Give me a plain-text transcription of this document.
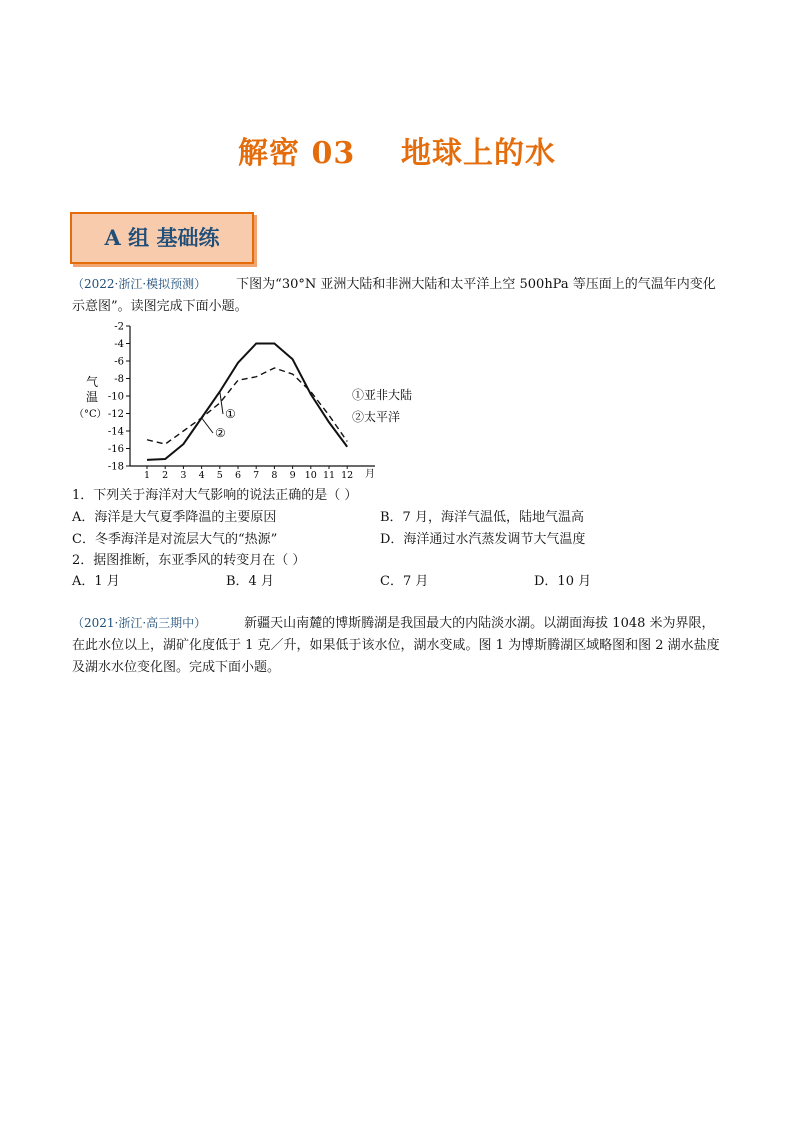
解密 03    地球上的水
A 组 基础练
（2022·浙江·模拟预测） 下图为“30°N 亚洲大陆和非洲大陆和太平洋上空 500hPa 等压面上的气温年内变化示意图”。读图完成下面小题。
-2
-4
-6
-8
-10
-12
-14
-16
-18
1 2 3 4 5 6 7 8 9 10 11 12
①
②
气
温
（°C）
月
①亚非大陆
②太平洋
1．下列关于海洋对大气影响的说法正确的是（ ）
A．海洋是大气夏季降温的主要原因	B．7 月，海洋气温低，陆地气温高
C．冬季海洋是对流层大气的“热源”	D．海洋通过水汽蒸发调节大气温度
2．据图推断，东亚季风的转变月在（ ）
A．1 月	B．4 月	C．7 月	D．10 月
（2021·浙江·高三期中）	新疆天山南麓的博斯腾湖是我国最大的内陆淡水湖。以湖面海拔 1048 米为界限，在此水位以上，湖矿化度低于 1 克／升，如果低于该水位，湖水变咸。图 1 为博斯腾湖区域略图和图 2 湖水盐度及湖水水位变化图。完成下面小题。
